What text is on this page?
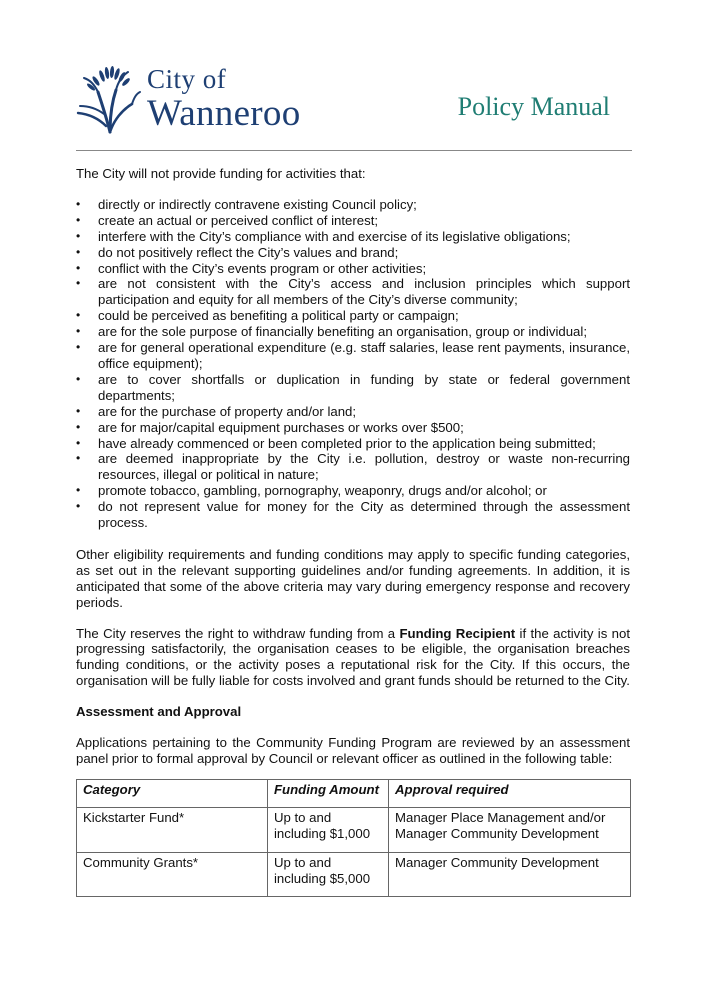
City of
Wanneroo	Policy Manual

The City will not provide funding for activities that:

• directly or indirectly contravene existing Council policy;
• create an actual or perceived conflict of interest;
• interfere with the City’s compliance with and exercise of its legislative obligations;
• do not positively reflect the City’s values and brand;
• conflict with the City’s events program or other activities;
• are not consistent with the City’s access and inclusion principles which support participation and equity for all members of the City’s diverse community;
• could be perceived as benefiting a political party or campaign;
• are for the sole purpose of financially benefiting an organisation, group or individual;
• are for general operational expenditure (e.g. staff salaries, lease rent payments, insurance, office equipment);
• are to cover shortfalls or duplication in funding by state or federal government departments;
• are for the purchase of property and/or land;
• are for major/capital equipment purchases or works over $500;
• have already commenced or been completed prior to the application being submitted;
• are deemed inappropriate by the City i.e. pollution, destroy or waste non-recurring resources, illegal or political in nature;
• promote tobacco, gambling, pornography, weaponry, drugs and/or alcohol; or
• do not represent value for money for the City as determined through the assessment process.

Other eligibility requirements and funding conditions may apply to specific funding categories, as set out in the relevant supporting guidelines and/or funding agreements. In addition, it is anticipated that some of the above criteria may vary during emergency response and recovery periods.

The City reserves the right to withdraw funding from a Funding Recipient if the activity is not progressing satisfactorily, the organisation ceases to be eligible, the organisation breaches funding conditions, or the activity poses a reputational risk for the City. If this occurs, the organisation will be fully liable for costs involved and grant funds should be returned to the City.

Assessment and Approval

Applications pertaining to the Community Funding Program are reviewed by an assessment panel prior to formal approval by Council or relevant officer as outlined in the following table:

Category	Funding Amount	Approval required
Kickstarter Fund*	Up to and including $1,000	Manager Place Management and/or Manager Community Development
Community Grants*	Up to and including $5,000	Manager Community Development
